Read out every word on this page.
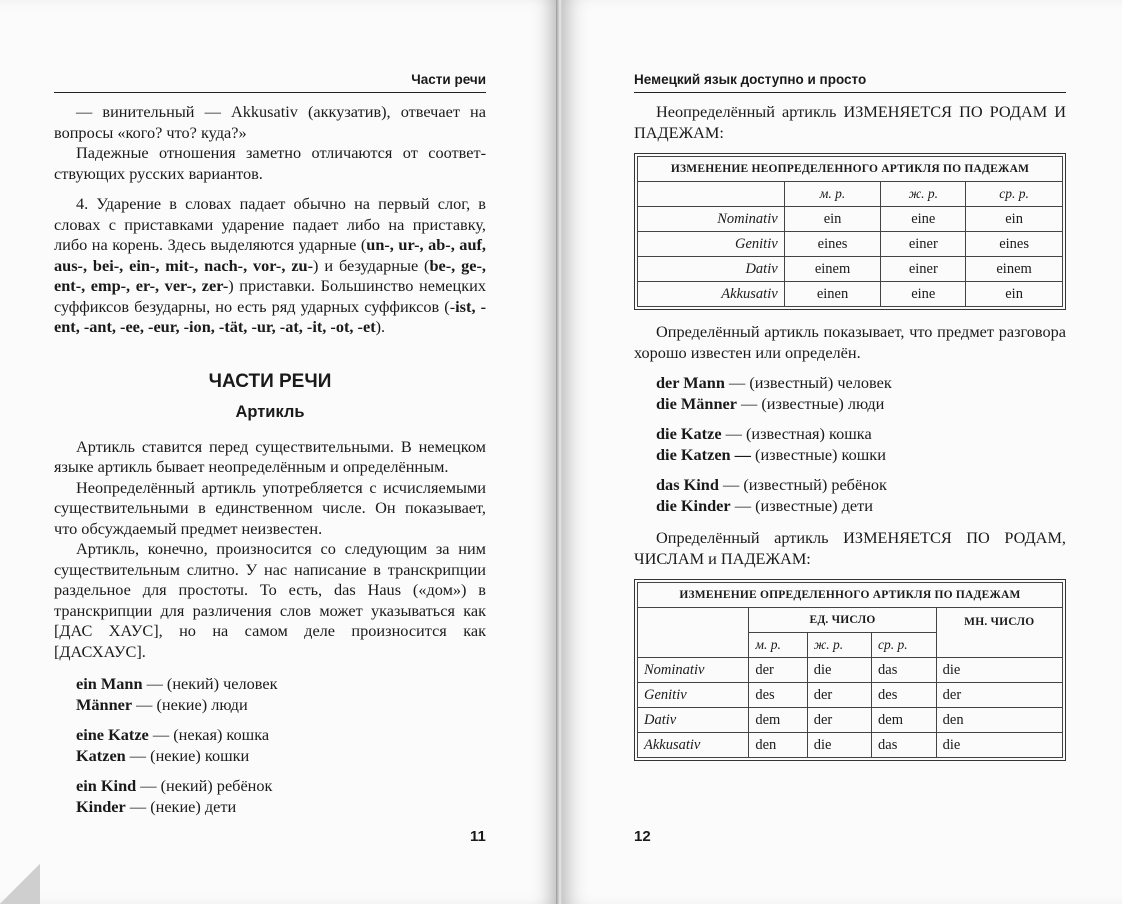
Части речи

— винительный — Akkusativ (аккузатив), отвечает на вопросы «кого? что? куда?»

Падежные отношения заметно отличаются от соответствующих русских вариантов.

4. Ударение в словах падает обычно на первый слог, в словах с приставками ударение падает либо на приставку, либо на корень. Здесь выделяются ударные (un-, ur-, ab-, auf, aus-, bei-, ein-, mit-, nach-, vor-, zu-) и безударные (be-, ge-, ent-, emp-, er-, ver-, zer-) приставки. Большинство немецких суффиксов безударны, но есть ряд ударных суффиксов (-ist, -ent, -ant, -ee, -eur, -ion, -tät, -ur, -at, -it, -ot, -et).

ЧАСТИ РЕЧИ
Артикль

Артикль ставится перед существительными. В немецком языке артикль бывает неопределённым и определённым.

Неопределённый артикль употребляется с исчисляемыми существительными в единственном числе. Он показывает, что обсуждаемый предмет неизвестен.

Артикль, конечно, произносится со следующим за ним существительным слитно. У нас написание в транскрипции раздельное для простоты. То есть, das Haus («дом») в транскрипции для различения слов может указываться как [ДАС ХАУС], но на самом деле произносится как [ДАСХАУС].

ein Mann — (некий) человек

Männer — (некие) люди

eine Katze — (некая) кошка

Katzen — (некие) кошки

ein Kind — (некий) ребёнок

Kinder — (некие) дети

11
Немецкий язык доступно и просто

Неопределённый артикль ИЗМЕНЯЕТСЯ ПО РОДАМ И ПАДЕЖАМ:

ИЗМЕНЕНИЕ НЕОПРЕДЕЛЕННОГО АРТИКЛЯ ПО ПАДЕЖАМ			
	м. р.	ж. р.	ср. р.
Nominativ	ein	eine	ein
Genitiv	eines	einer	eines
Dativ	einem	einer	einem
Akkusativ	einen	eine	ein

Определённый артикль показывает, что предмет разговора хорошо известен или определён.

der Mann — (известный) человек

die Männer — (известные) люди

die Katze — (известная) кошка

die Katzen — (известные) кошки

das Kind — (известный) ребёнок

die Kinder — (известные) дети

Определённый артикль ИЗМЕНЯЕТСЯ ПО РОДАМ, ЧИСЛАМ и ПАДЕЖАМ:

ИЗМЕНЕНИЕ ОПРЕДЕЛЕННОГО АРТИКЛЯ ПО ПАДЕЖАМ				
	ЕД. ЧИСЛО			МН. ЧИСЛО
	м. р.	ж. р.	ср. р.	
Nominativ	der	die	das	die
Genitiv	des	der	des	der
Dativ	dem	der	dem	den
Akkusativ	den	die	das	die
12
